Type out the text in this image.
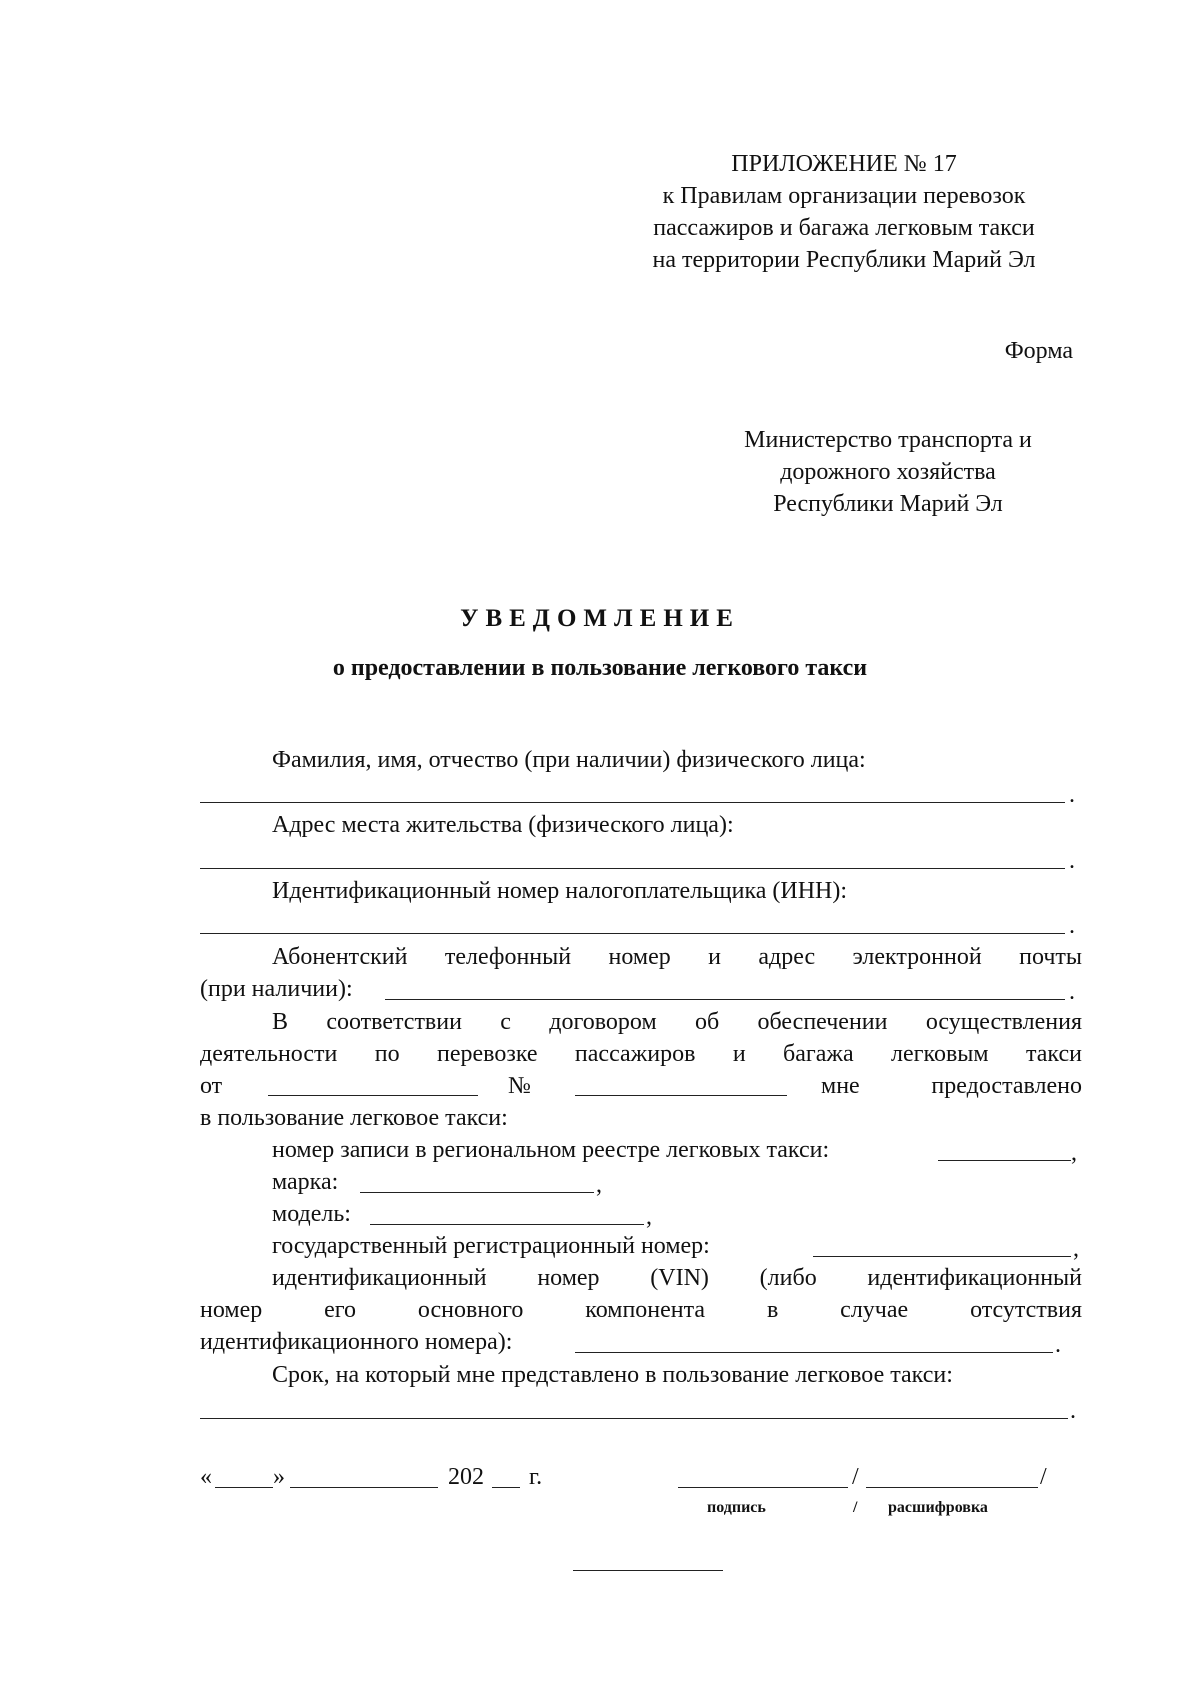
ПРИЛОЖЕНИЕ № 17
к Правилам организации перевозок
пассажиров и багажа легковым такси
на территории Республики Марий Эл
Форма
Министерство транспорта и
дорожного хозяйства
Республики Марий Эл
УВЕДОМЛЕНИЕ
о предоставлении в пользование легкового такси
Фамилия, имя, отчество (при наличии) физического лица:
.
Адрес места жительства (физического лица):
.
Идентификационный номер налогоплательщика (ИНН):
.
Абонентский телефонный номер и адрес электронной почты
(при наличии):	.
В соответствии с договором об обеспечении осуществления
деятельности по перевозке пассажиров и багажа легковым такси
от	№	мне предоставлено
в пользование легковое такси:
номер записи в региональном реестре легковых такси:	,
марка:	,
модель:	,
государственный регистрационный номер:	,
идентификационный номер (VIN) (либо идентификационный
номер его основного компонента в случае отсутствия
идентификационного номера):	.
Срок, на который мне представлено в пользование легковое такси:
.
«	»	202 г.	/	/
подпись	/ расшифровка
